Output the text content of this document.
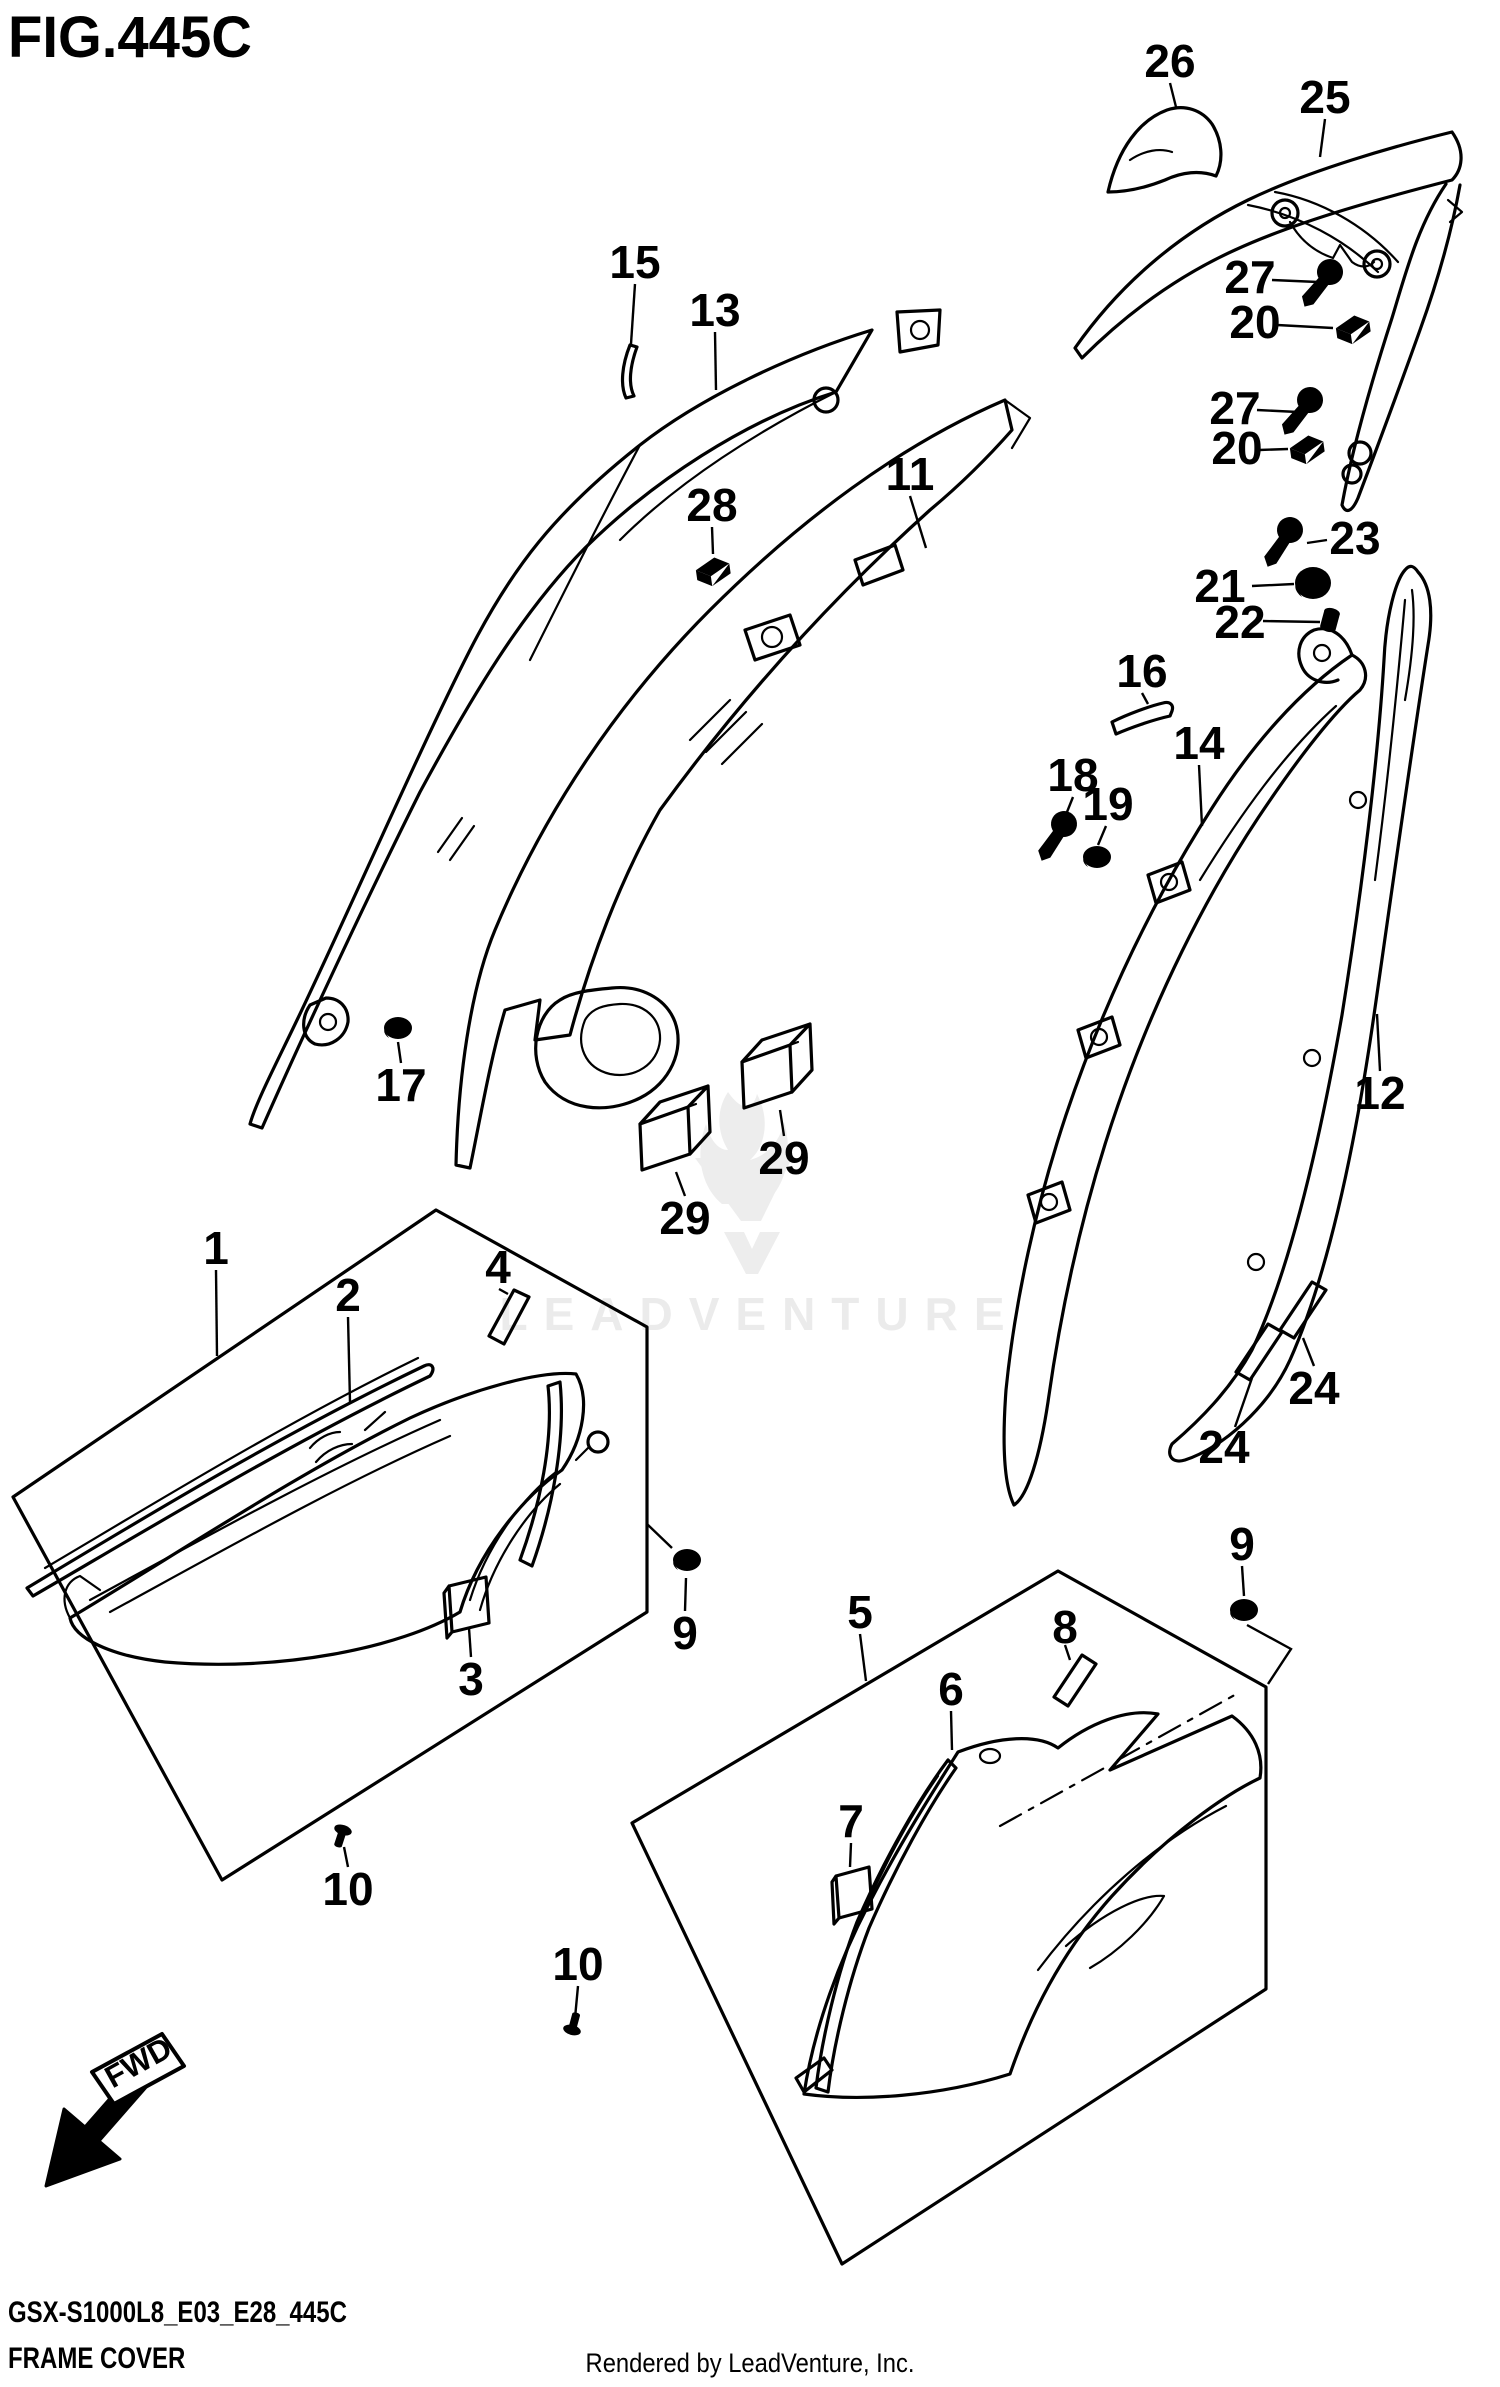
FIG.445C
LEADVENTURE
1
2
3
4
5
6
7
8
9
9
10
10
11
12
13
14
15
16
17
18
19
20
20
21
22
23
24
24
25
26
27
27
28
29
29
FWD
GSX-S1000L8_E03_E28_445C
FRAME COVER	Rendered by LeadVenture, Inc.
